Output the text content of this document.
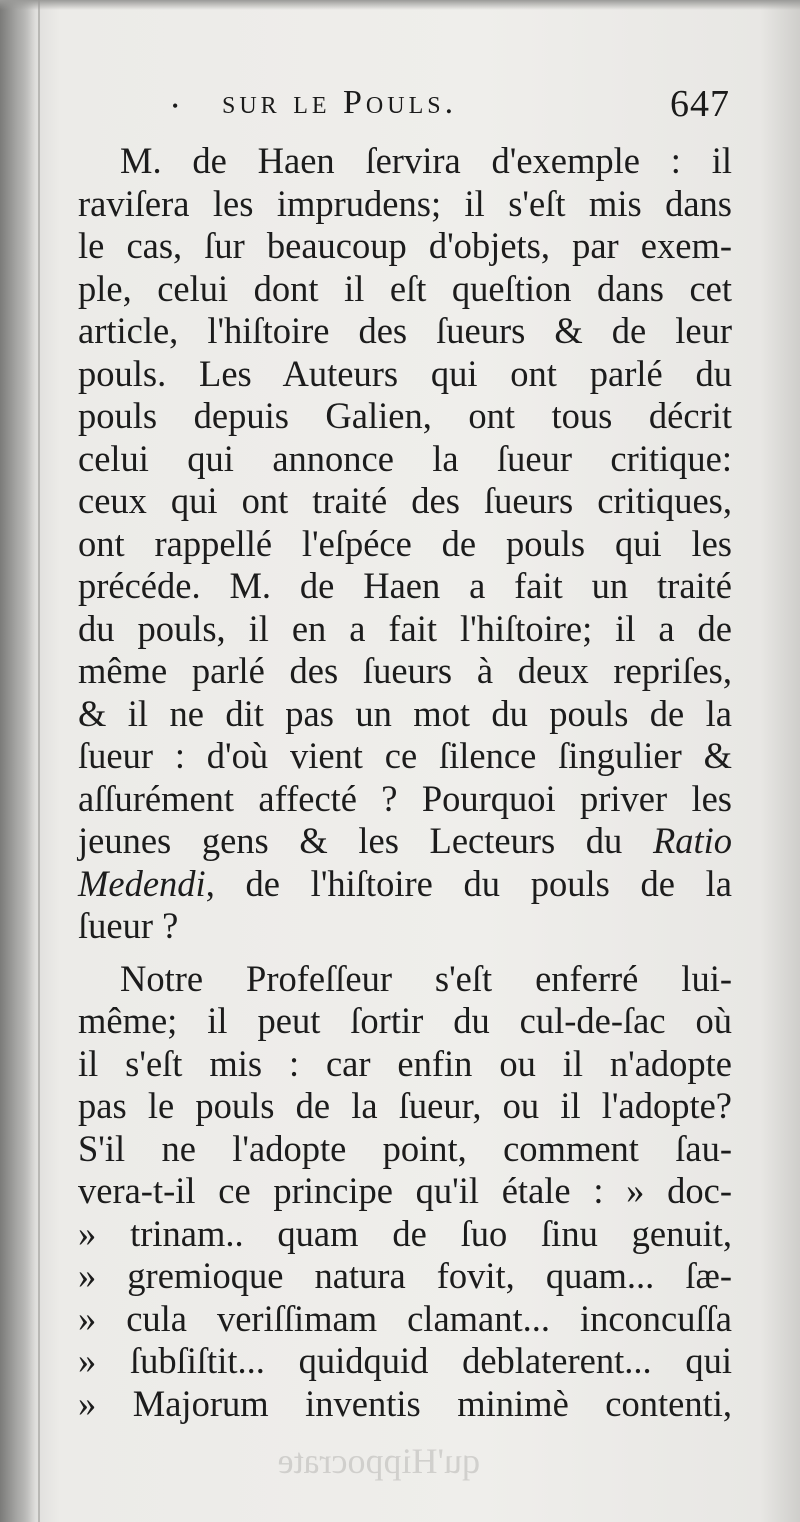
• sur le Pouls.	647
M. de Haen ſervira d'exemple : il
raviſera les imprudens; il s'eſt mis dans
le cas, ſur beaucoup d'objets, par exem-
ple, celui dont il eſt queſtion dans cet
article, l'hiſtoire des ſueurs & de leur
pouls. Les Auteurs qui ont parlé du
pouls depuis Galien, ont tous décrit
celui qui annonce la ſueur critique:
ceux qui ont traité des ſueurs critiques,
ont rappellé l'eſpéce de pouls qui les
précéde. M. de Haen a fait un traité
du pouls, il en a fait l'hiſtoire; il a de
même parlé des ſueurs à deux repriſes,
& il ne dit pas un mot du pouls de la
ſueur : d'où vient ce ſilence ſingulier &
aſſurément affecté ? Pourquoi priver les
jeunes gens & les Lecteurs du Ratio
Medendi, de l'hiſtoire du pouls de la
ſueur ?
Notre Profeſſeur s'eſt enferré lui-
même; il peut ſortir du cul-de-ſac où
il s'eſt mis : car enfin ou il n'adopte
pas le pouls de la ſueur, ou il l'adopte?
S'il ne l'adopte point, comment ſau-
vera-t-il ce principe qu'il étale : » doc-
» trinam.. quam de ſuo ſinu genuit,
» gremioque natura fovit, quam... ſæ-
» cula veriſſimam clamant... inconcuſſa
» ſubſiſtit... quidquid deblaterent... qui
» Majorum inventis minimè contenti,
qu'Hippocrate
